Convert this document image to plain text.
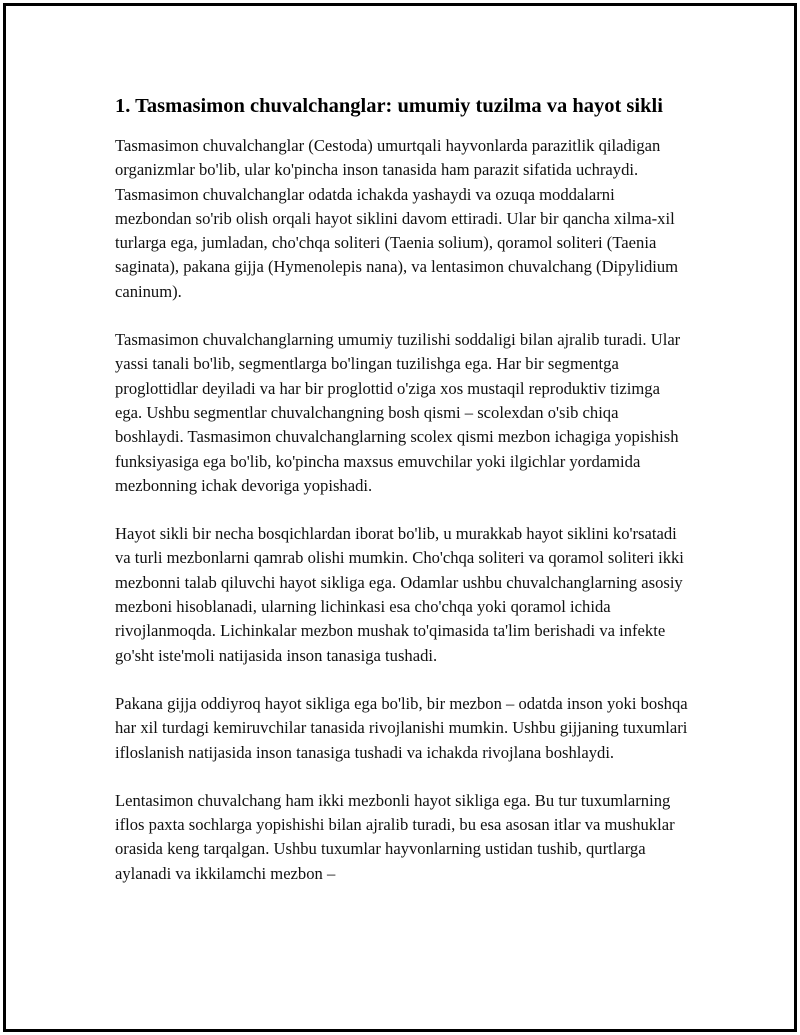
1. Tasmasimon chuvalchanglar: umumiy tuzilma va hayot sikli

Tasmasimon chuvalchanglar (Cestoda) umurtqali hayvonlarda parazitlik qiladigan organizmlar bo'lib, ular ko'pincha inson tanasida ham parazit sifatida uchraydi. Tasmasimon chuvalchanglar odatda ichakda yashaydi va ozuqa moddalarni mezbondan so'rib olish orqali hayot siklini davom ettiradi. Ular bir qancha xilma-xil turlarga ega, jumladan, cho'chqa soliteri (Taenia solium), qoramol soliteri (Taenia saginata), pakana gijja (Hymenolepis nana), va lentasimon chuvalchang (Dipylidium caninum).

Tasmasimon chuvalchanglarning umumiy tuzilishi soddaligi bilan ajralib turadi. Ular yassi tanali bo'lib, segmentlarga bo'lingan tuzilishga ega. Har bir segmentga proglottidlar deyiladi va har bir proglottid o'ziga xos mustaqil reproduktiv tizimga ega. Ushbu segmentlar chuvalchangning bosh qismi – scolexdan o'sib chiqa boshlaydi. Tasmasimon chuvalchanglarning scolex qismi mezbon ichagiga yopishish funksiyasiga ega bo'lib, ko'pincha maxsus emuvchilar yoki ilgichlar yordamida mezbonning ichak devoriga yopishadi.

Hayot sikli bir necha bosqichlardan iborat bo'lib, u murakkab hayot siklini ko'rsatadi va turli mezbonlarni qamrab olishi mumkin. Cho'chqa soliteri va qoramol soliteri ikki mezbonni talab qiluvchi hayot sikliga ega. Odamlar ushbu chuvalchanglarning asosiy mezboni hisoblanadi, ularning lichinkasi esa cho'chqa yoki qoramol ichida rivojlanmoqda. Lichinkalar mezbon mushak to'qimasida ta'lim berishadi va infekte go'sht iste'moli natijasida inson tanasiga tushadi.

Pakana gijja oddiyroq hayot sikliga ega bo'lib, bir mezbon – odatda inson yoki boshqa har xil turdagi kemiruvchilar tanasida rivojlanishi mumkin. Ushbu gijjaning tuxumlari ifloslanish natijasida inson tanasiga tushadi va ichakda rivojlana boshlaydi.

Lentasimon chuvalchang ham ikki mezbonli hayot sikliga ega. Bu tur tuxumlarning iflos paxta sochlarga yopishishi bilan ajralib turadi, bu esa asosan itlar va mushuklar orasida keng tarqalgan. Ushbu tuxumlar hayvonlarning ustidan tushib, qurtlarga aylanadi va ikkilamchi mezbon –
